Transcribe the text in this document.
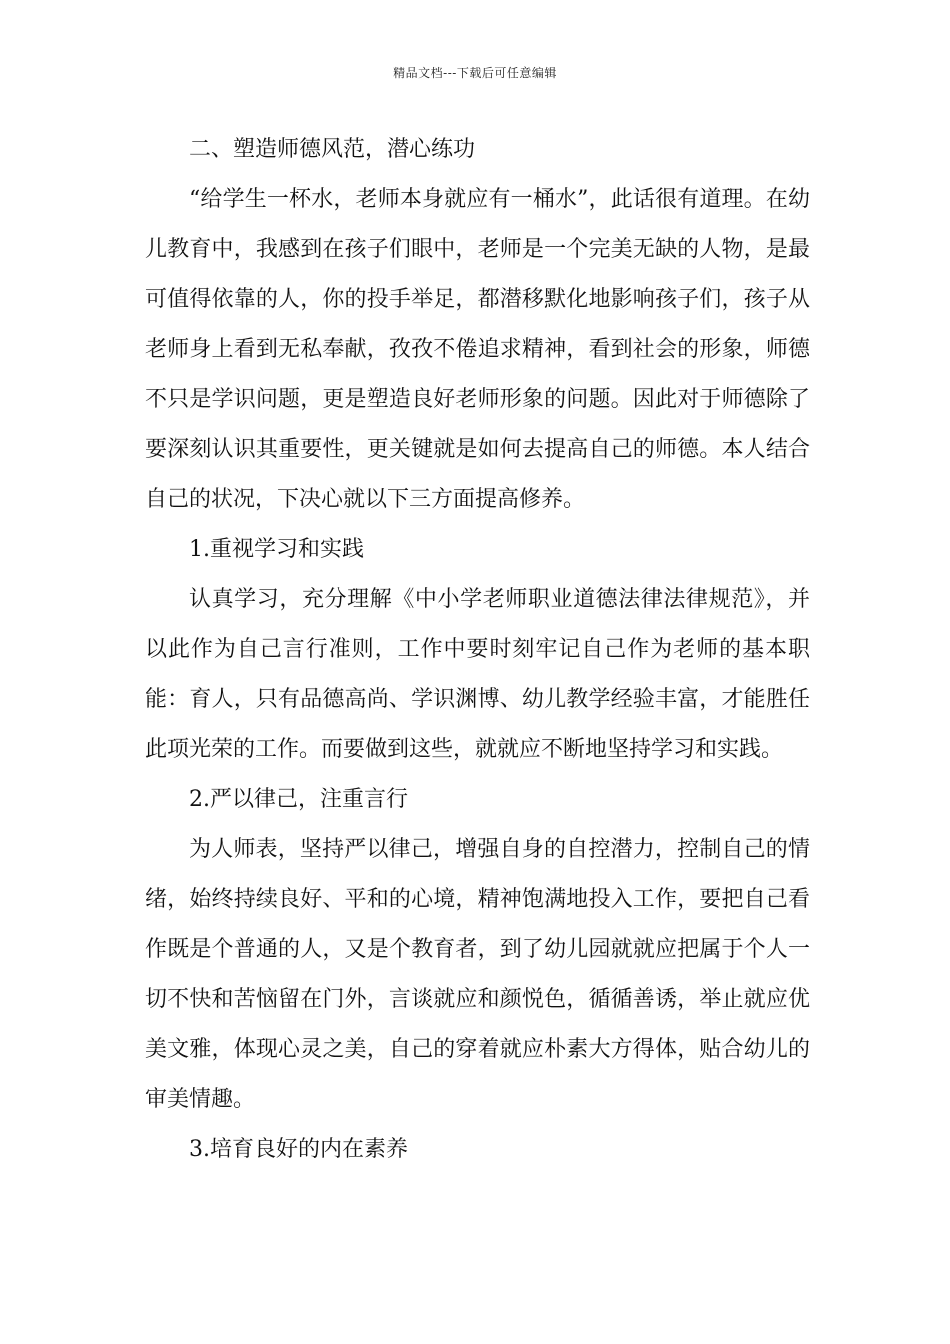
精品文档---下载后可任意编辑

二、塑造师德风范，潜心练功

“给学生一杯水，老师本身就应有一桶水”，此话很有道理。在幼儿教育中，我感到在孩子们眼中，老师是一个完美无缺的人物，是最可值得依靠的人，你的投手举足，都潜移默化地影响孩子们，孩子从老师身上看到无私奉献，孜孜不倦追求精神，看到社会的形象，师德不只是学识问题，更是塑造良好老师形象的问题。因此对于师德除了要深刻认识其重要性，更关键就是如何去提高自己的师德。本人结合自己的状况，下决心就以下三方面提高修养。

1.重视学习和实践

认真学习，充分理解《中小学老师职业道德法律法律规范》，并以此作为自己言行准则，工作中要时刻牢记自己作为老师的基本职能：育人，只有品德高尚、学识渊博、幼儿教学经验丰富，才能胜任此项光荣的工作。而要做到这些，就就应不断地坚持学习和实践。

2.严以律己，注重言行

为人师表，坚持严以律己，增强自身的自控潜力，控制自己的情绪，始终持续良好、平和的心境，精神饱满地投入工作，要把自己看作既是个普通的人，又是个教育者，到了幼儿园就就应把属于个人一切不快和苦恼留在门外，言谈就应和颜悦色，循循善诱，举止就应优美文雅，体现心灵之美，自己的穿着就应朴素大方得体，贴合幼儿的审美情趣。

3.培育良好的内在素养
